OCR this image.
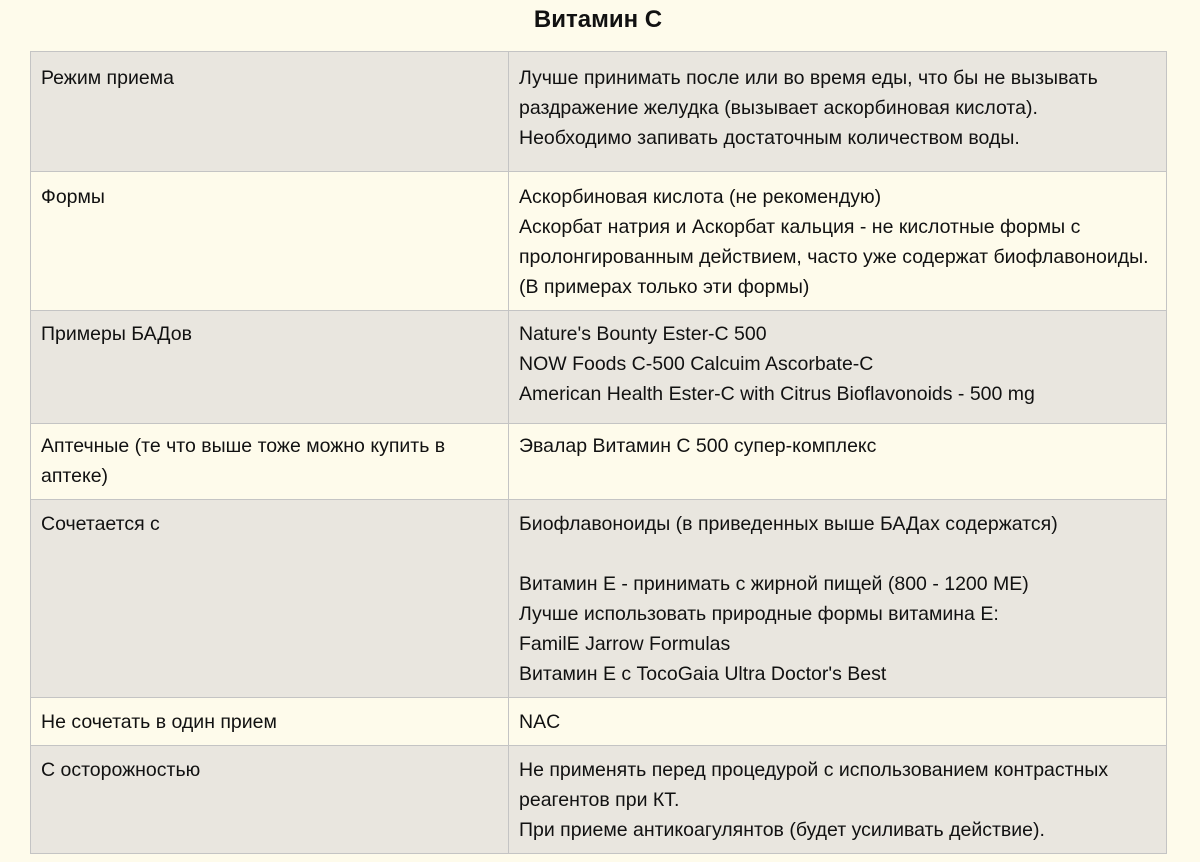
Витамин С
Режим приема	Лучше принимать после или во время еды, что бы не вызывать раздражение желудка (вызывает аскорбиновая кислота).
Необходимо запивать достаточным количеством воды.
Формы	Аскорбиновая кислота (не рекомендую)
Аскорбат натрия и Аскорбат кальция - не кислотные формы с пролонгированным действием, часто уже содержат биофлавоноиды. (В примерах только эти формы)
Примеры БАДов	Nature's Bounty Ester-C 500
NOW Foods C-500 Calcuim Ascorbate-C
American Health Ester-C with Citrus Bioflavonoids - 500 mg
Аптечные (те что выше тоже можно купить в аптеке)	Эвалар Витамин С 500 супер-комплекс
Сочетается с	Биофлавоноиды (в приведенных выше БАДах содержатся)

Витамин Е - принимать с жирной пищей (800 - 1200 МЕ)
Лучше использовать природные формы витамина Е:
FamilE Jarrow Formulas
Витамин Е с TocoGaia Ultra Doctor's Best
Не сочетать в один прием	NAC
С осторожностью	Не применять перед процедурой с использованием контрастных реагентов при КТ.
При приеме антикоагулянтов (будет усиливать действие).
